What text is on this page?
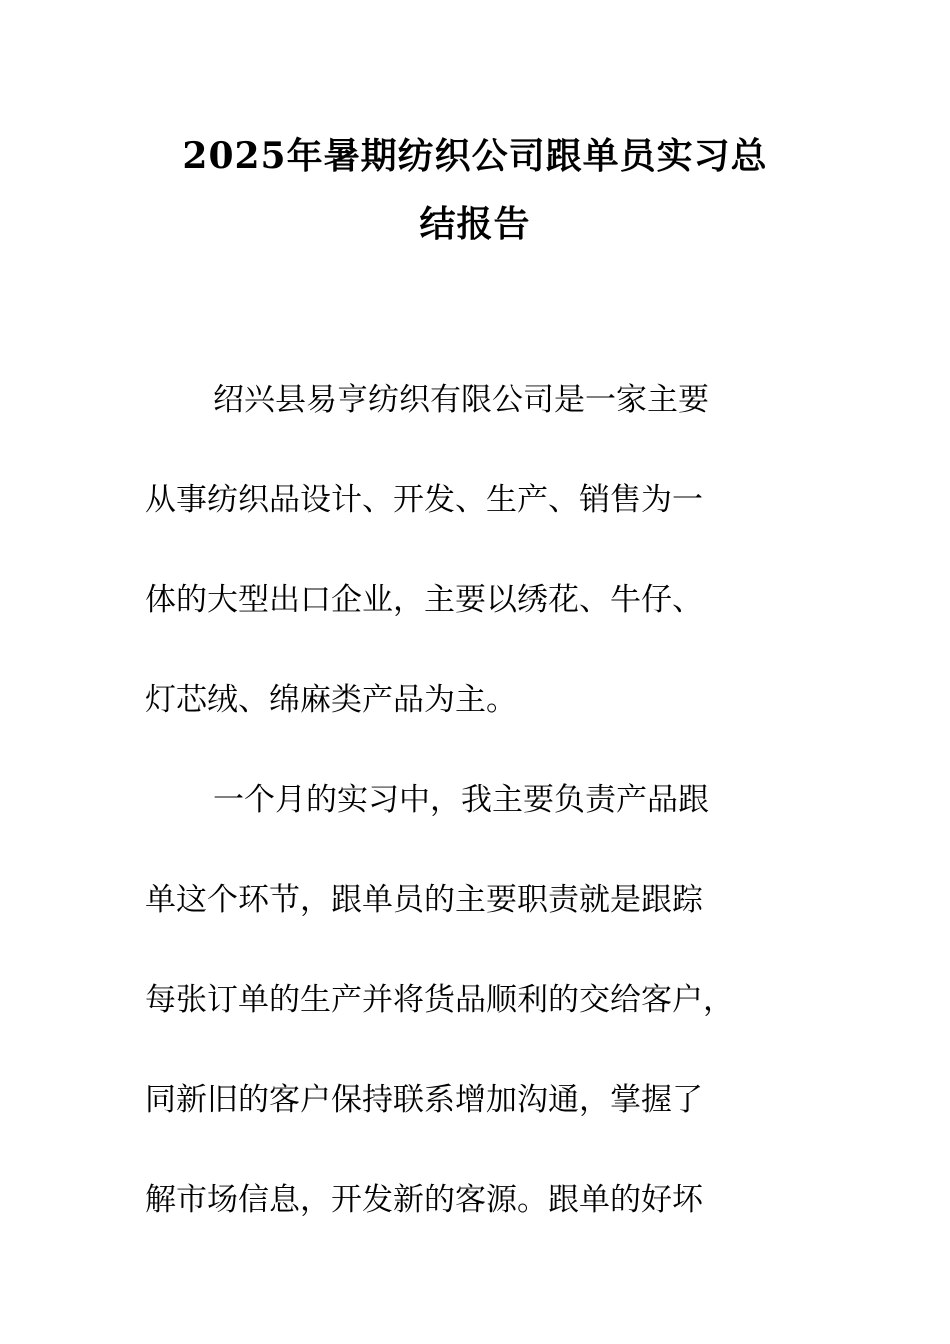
2025年暑期纺织公司跟单员实习总
结报告

绍兴县易亨纺织有限公司是一家主要
从事纺织品设计、开发、生产、销售为一
体的大型出口企业，主要以绣花、牛仔、
灯芯绒、绵麻类产品为主。

一个月的实习中，我主要负责产品跟
单这个环节，跟单员的主要职责就是跟踪
每张订单的生产并将货品顺利的交给客户，
同新旧的客户保持联系增加沟通，掌握了
解市场信息，开发新的客源。跟单的好坏
